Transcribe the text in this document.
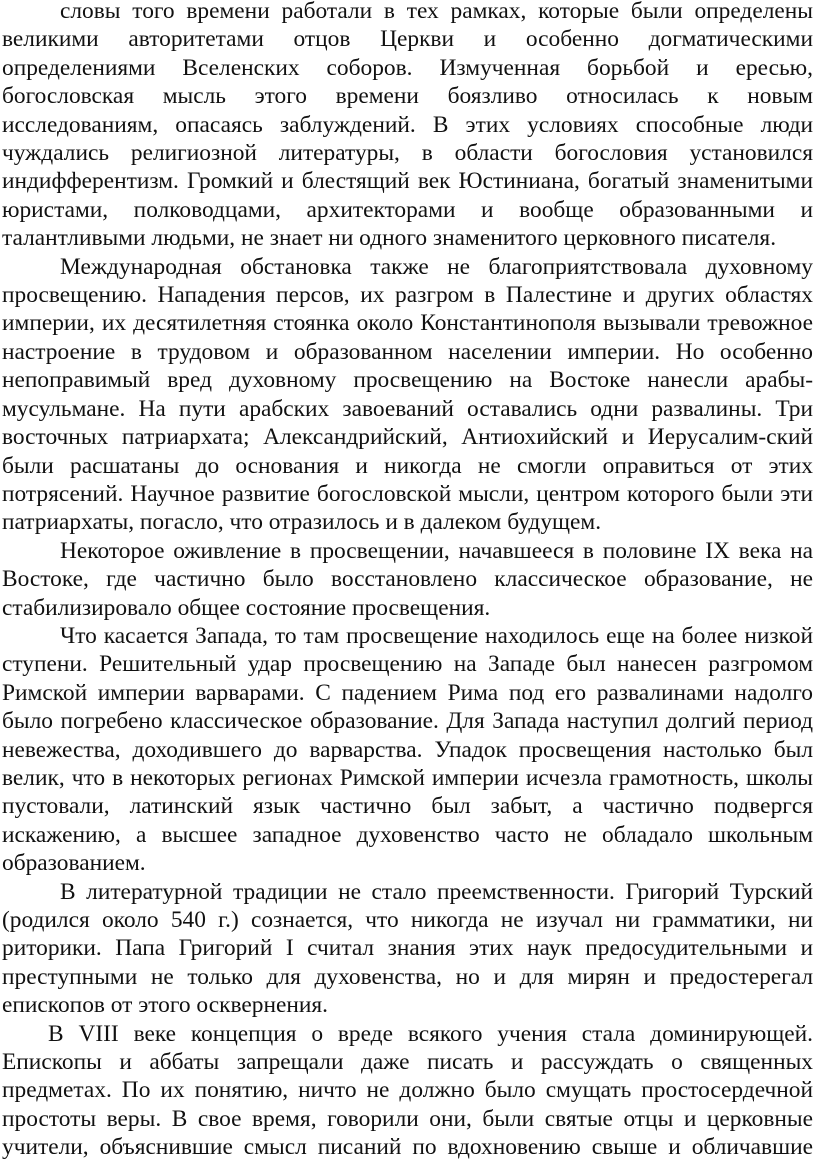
словы того времени работали в тех рамках, которые были определены великими авторитетами отцов Церкви и особенно догматическими определениями Вселенских соборов. Измученная борьбой и ересью, богословская мысль этого времени боязливо относилась к новым исследованиям, опасаясь заблуждений. В этих условиях способные люди чуждались религиозной литературы, в области богословия установился индифферентизм. Громкий и блестящий век Юстиниана, богатый знаменитыми юристами, полководцами, архитекторами и вообще образованными и талантливыми людьми, не знает ни одного знаменитого церковного писателя.

Международная обстановка также не благоприятствовала духовному просвещению. Нападения персов, их разгром в Палестине и других областях империи, их десятилетняя стоянка около Константинополя вызывали тревожное настроение в трудовом и образованном населении империи. Но особенно непоправимый вред духовному просвещению на Востоке нанесли арабы-мусульмане. На пути арабских завоеваний оставались одни развалины. Три восточных патриархата; Александрийский, Антиохийский и Иерусалим-ский были расшатаны до основания и никогда не смогли оправиться от этих потрясений. Научное развитие богословской мысли, центром которого были эти патриархаты, погасло, что отразилось и в далеком будущем.

Некоторое оживление в просвещении, начавшееся в половине IX века на Востоке, где частично было восстановлено классическое образование, не стабилизировало общее состояние просвещения.

Что касается Запада, то там просвещение находилось еще на более низкой ступени. Решительный удар просвещению на Западе был нанесен разгромом Римской империи варварами. С падением Рима под его развалинами надолго было погребено классическое образование. Для Запада наступил долгий период невежества, доходившего до варварства. Упадок просвещения настолько был велик, что в некоторых регионах Римской империи исчезла грамотность, школы пустовали, латинский язык частично был забыт, а частично подвергся искажению, а высшее западное духовенство часто не обладало школьным образованием.

В литературной традиции не стало преемственности. Григорий Турский (родился около 540 г.) сознается, что никогда не изучал ни грамматики, ни риторики. Папа Григорий I считал знания этих наук предосудительными и преступными не только для духовенства, но и для мирян и предостерегал епископов от этого осквернения.

В VIII веке концепция о вреде всякого учения стала доминирующей. Епископы и аббаты запрещали даже писать и рассуждать о священных предметах. По их понятию, ничто не должно было смущать простосердечной простоты веры. В свое время, говорили они, были святые отцы и церковные учители, объяснившие смысл писаний по вдохновению свыше и обличавшие
